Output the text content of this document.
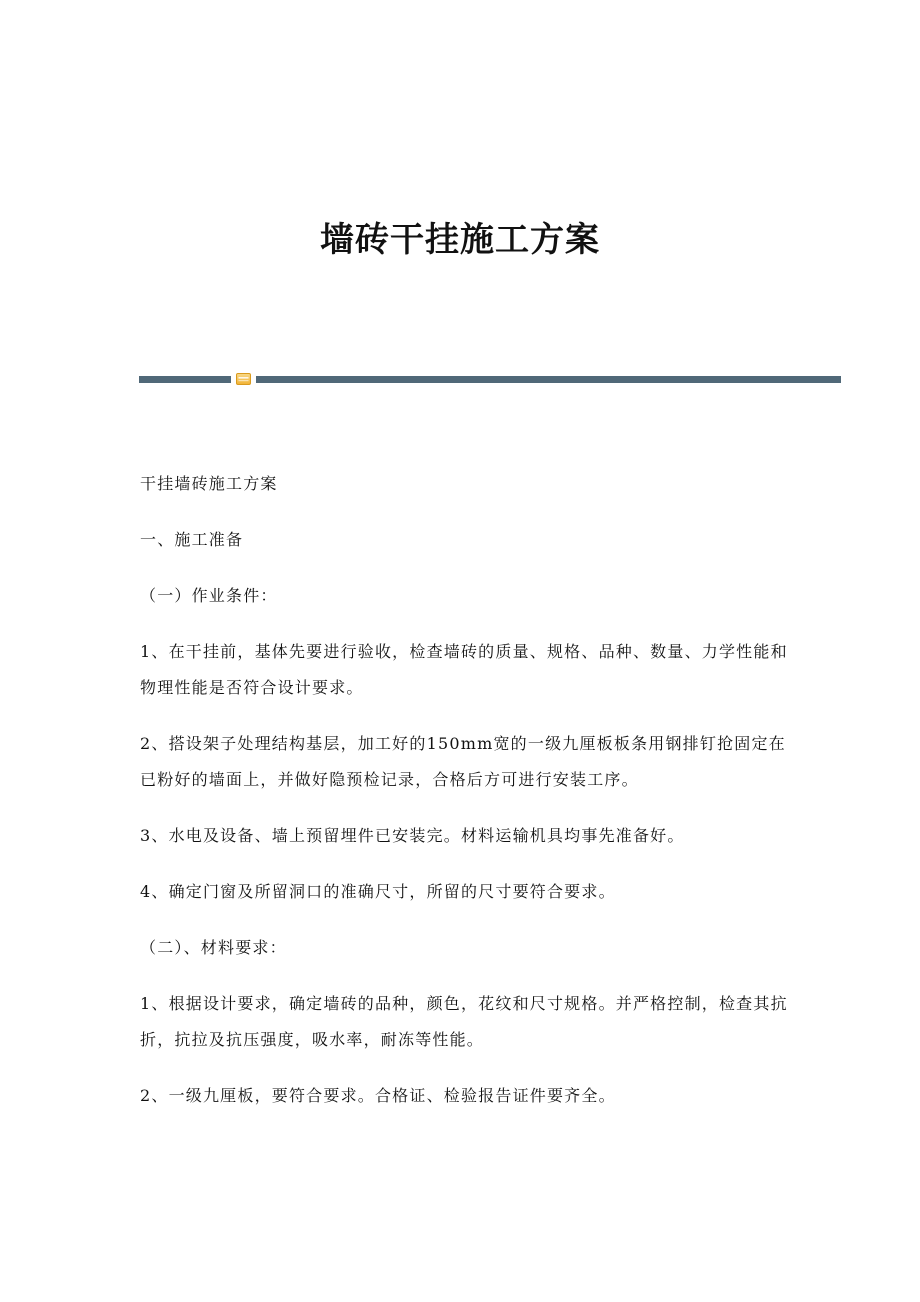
墙砖干挂施工方案

干挂墙砖施工方案

一、施工准备

（一）作业条件：

1、在干挂前，基体先要进行验收，检查墙砖的质量、规格、品种、数量、力学性能和物理性能是否符合设计要求。

2、搭设架子处理结构基层，加工好的150mm宽的一级九厘板板条用钢排钉抢固定在已粉好的墙面上，并做好隐预检记录，合格后方可进行安装工序。

3、水电及设备、墙上预留埋件已安装完。材料运输机具均事先准备好。

4、确定门窗及所留洞口的准确尺寸，所留的尺寸要符合要求。

（二）、材料要求：

1、根据设计要求，确定墙砖的品种，颜色，花纹和尺寸规格。并严格控制，检查其抗折，抗拉及抗压强度，吸水率，耐冻等性能。

2、一级九厘板，要符合要求。合格证、检验报告证件要齐全。
